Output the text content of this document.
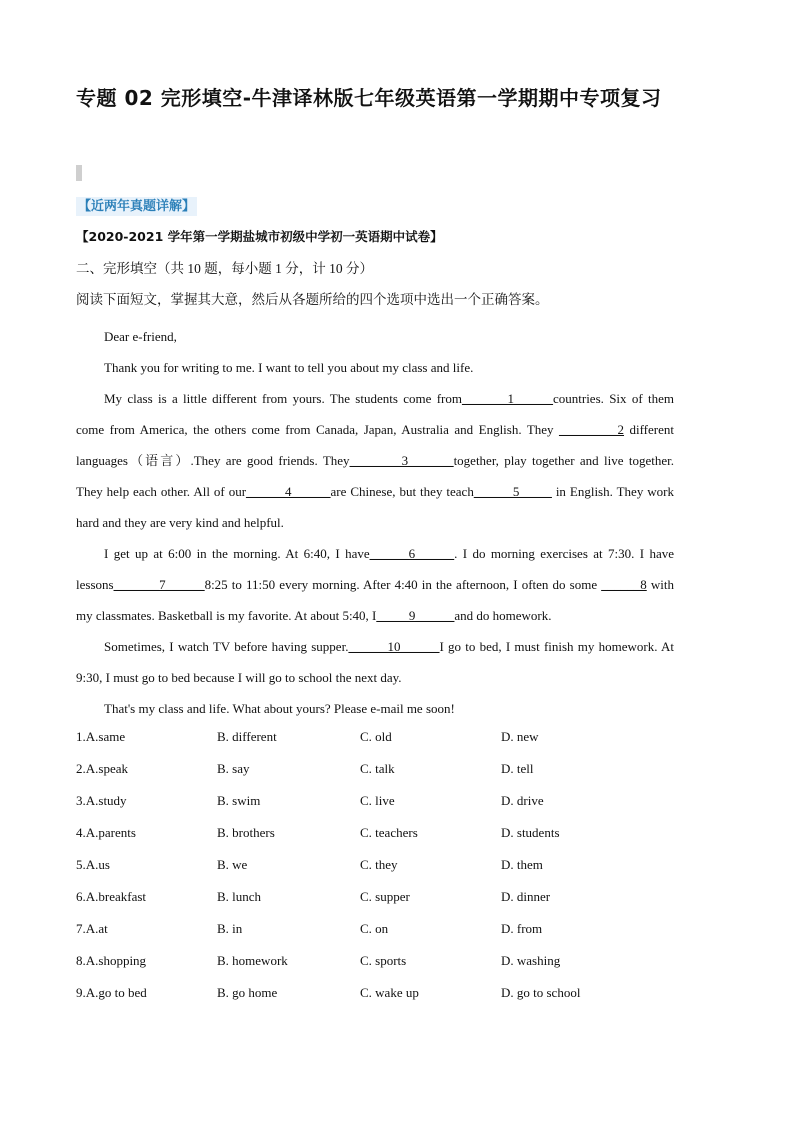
专题 02 完形填空-牛津译林版七年级英语第一学期期中专项复习
【近两年真题详解】
【2020-2021 学年第一学期盐城市初级中学初一英语期中试卷】
二、完形填空（共 10 题，每小题 1 分，计 10 分）
阅读下面短文，掌握其大意，然后从各题所给的四个选项中选出一个正确答案。

Dear e-friend,

Thank you for writing to me. I want to tell you about my class and life.

My class is a little different from yours. The students come from_______1______countries. Six of them come from America, the others come from Canada, Japan, Australia and English. They _________2 different languages（语言）.They are good friends. They________3_______together, play together and live together. They help each other. All of our______4______are Chinese, but they teach______5_____ in English. They work hard and they are very kind and helpful.

I get up at 6:00 in the morning. At 6:40, I have______6______. I do morning exercises at 7:30. I have lessons_______7______8:25 to 11:50 every morning. After 4:40 in the afternoon, I often do some ______8 with my classmates. Basketball is my favorite. At about 5:40, I_____9______and do homework.

Sometimes, I watch TV before having supper.______10______I go to bed, I must finish my homework. At 9:30, I must go to bed because I will go to school the next day.

That's my class and life. What about yours? Please e-mail me soon!

1.A.same	B. different	C. old	D. new
2.A.speak	B. say	C. talk	D. tell
3.A.study	B. swim	C. live	D. drive
4.A.parents	B. brothers	C. teachers	D. students
5.A.us	B. we	C. they	D. them
6.A.breakfast	B. lunch	C. supper	D. dinner
7.A.at	B. in	C. on	D. from
8.A.shopping	B. homework	C. sports	D. washing
9.A.go to bed	B. go home	C. wake up	D. go to school
